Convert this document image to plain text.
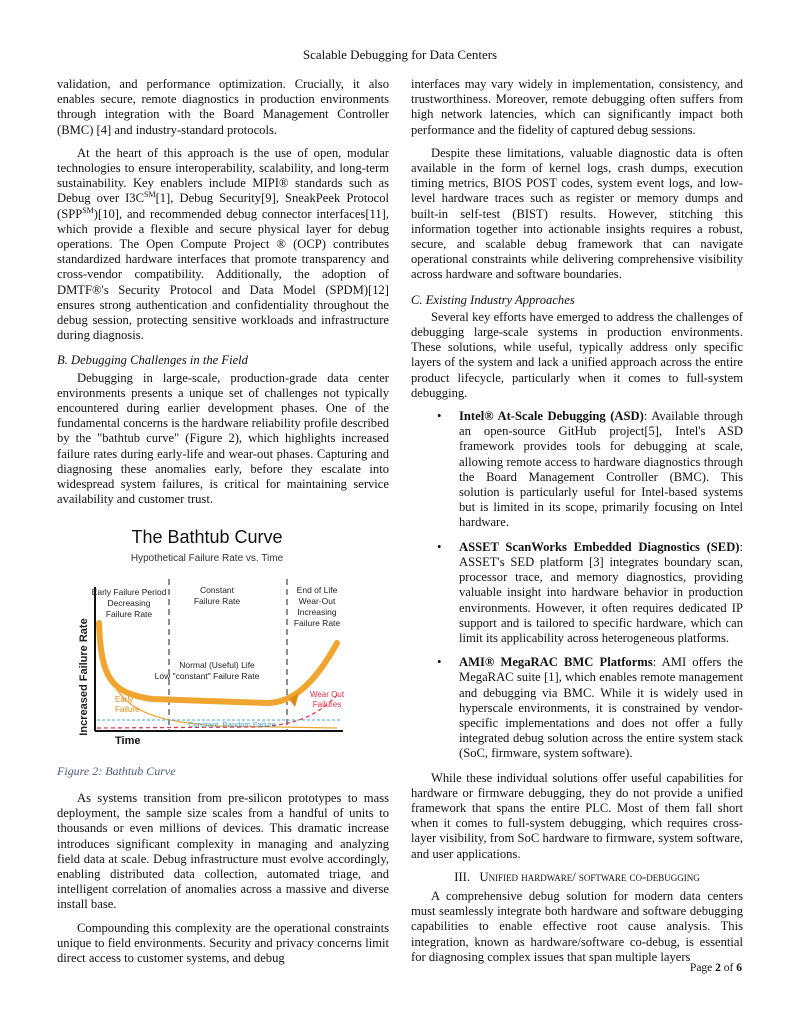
Scalable Debugging for Data Centers

validation, and performance optimization. Crucially, it also enables secure, remote diagnostics in production environments through integration with the Board Management Controller (BMC) [4] and industry-standard protocols.

At the heart of this approach is the use of open, modular technologies to ensure interoperability, scalability, and long-term sustainability. Key enablers include MIPI® standards such as Debug over I3C℠[1], Debug Security[9], SneakPeek Protocol (SPP℠)[10], and recommended debug connector interfaces[11], which provide a flexible and secure physical layer for debug operations. The Open Compute Project ® (OCP) contributes standardized hardware interfaces that promote transparency and cross-vendor compatibility. Additionally, the adoption of DMTF®'s Security Protocol and Data Model (SPDM)[12] ensures strong authentication and confidentiality throughout the debug session, protecting sensitive workloads and infrastructure during diagnosis.

B. Debugging Challenges in the Field

Debugging in large-scale, production-grade data center environments presents a unique set of challenges not typically encountered during earlier development phases. One of the fundamental concerns is the hardware reliability profile described by the "bathtub curve" (Figure 2), which highlights increased failure rates during early-life and wear-out phases. Capturing and diagnosing these anomalies early, before they escalate into widespread system failures, is critical for maintaining service availability and customer trust.

The Bathtub Curve
Hypothetical Failure Rate vs. Time
Increased Failure Rate
Time
Early Failure Period
Decreasing
Failure Rate
Constant
Failure Rate
End of Life
Wear-Out
Increasing
Failure Rate
Normal (Useful) Life
Low "constant" Failure Rate
Early
Failure
Wear Out
Failures
Constant, Random Failure
Figure 2: Bathtub Curve

As systems transition from pre-silicon prototypes to mass deployment, the sample size scales from a handful of units to thousands or even millions of devices. This dramatic increase introduces significant complexity in managing and analyzing field data at scale. Debug infrastructure must evolve accordingly, enabling distributed data collection, automated triage, and intelligent correlation of anomalies across a massive and diverse install base.

Compounding this complexity are the operational constraints unique to field environments. Security and privacy concerns limit direct access to customer systems, and debug

interfaces may vary widely in implementation, consistency, and trustworthiness. Moreover, remote debugging often suffers from high network latencies, which can significantly impact both performance and the fidelity of captured debug sessions.

Despite these limitations, valuable diagnostic data is often available in the form of kernel logs, crash dumps, execution timing metrics, BIOS POST codes, system event logs, and low-level hardware traces such as register or memory dumps and built-in self-test (BIST) results. However, stitching this information together into actionable insights requires a robust, secure, and scalable debug framework that can navigate operational constraints while delivering comprehensive visibility across hardware and software boundaries.

C. Existing Industry Approaches

Several key efforts have emerged to address the challenges of debugging large-scale systems in production environments. These solutions, while useful, typically address only specific layers of the system and lack a unified approach across the entire product lifecycle, particularly when it comes to full-system debugging.

• Intel® At-Scale Debugging (ASD): Available through an open-source GitHub project[5], Intel's ASD framework provides tools for debugging at scale, allowing remote access to hardware diagnostics through the Board Management Controller (BMC). This solution is particularly useful for Intel-based systems but is limited in its scope, primarily focusing on Intel hardware.
• ASSET ScanWorks Embedded Diagnostics (SED): ASSET's SED platform [3] integrates boundary scan, processor trace, and memory diagnostics, providing valuable insight into hardware behavior in production environments. However, it often requires dedicated IP support and is tailored to specific hardware, which can limit its applicability across heterogeneous platforms.
• AMI® MegaRAC BMC Platforms: AMI offers the MegaRAC suite [1], which enables remote management and debugging via BMC. While it is widely used in hyperscale environments, it is constrained by vendor-specific implementations and does not offer a fully integrated debug solution across the entire system stack (SoC, firmware, system software).

While these individual solutions offer useful capabilities for hardware or firmware debugging, they do not provide a unified framework that spans the entire PLC. Most of them fall short when it comes to full-system debugging, which requires cross-layer visibility, from SoC hardware to firmware, system software, and user applications.

III. Unified hardware/ software co-debugging

A comprehensive debug solution for modern data centers must seamlessly integrate both hardware and software debugging capabilities to enable effective root cause analysis. This integration, known as hardware/software co-debug, is essential for diagnosing complex issues that span multiple layers

Page 2 of 6
